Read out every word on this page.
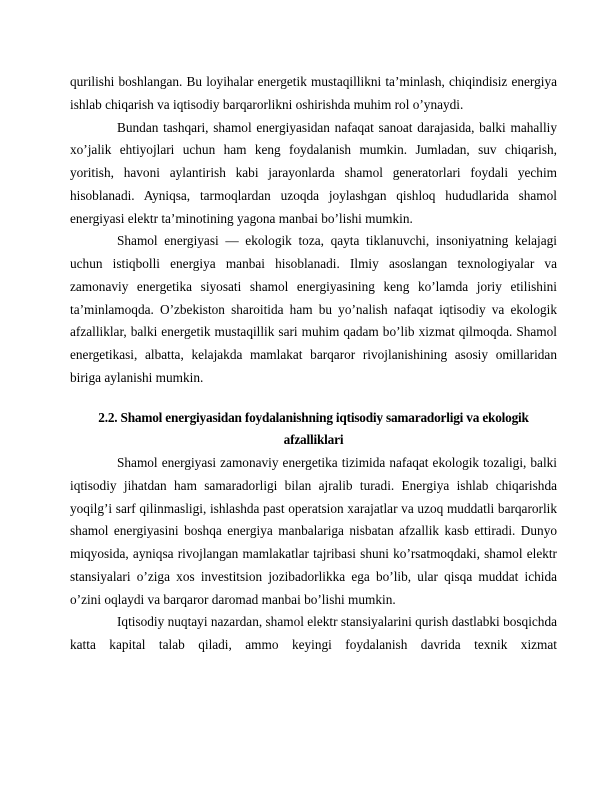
qurilishi boshlangan. Bu loyihalar energetik mustaqillikni ta’minlash, chiqindisiz energiya ishlab chiqarish va iqtisodiy barqarorlikni oshirishda muhim rol o’ynaydi.

Bundan tashqari, shamol energiyasidan nafaqat sanoat darajasida, balki mahalliy xo’jalik ehtiyojlari uchun ham keng foydalanish mumkin. Jumladan, suv chiqarish, yoritish, havoni aylantirish kabi jarayonlarda shamol generatorlari foydali yechim hisoblanadi. Ayniqsa, tarmoqlardan uzoqda joylashgan qishloq hududlarida shamol energiyasi elektr ta’minotining yagona manbai bo’lishi mumkin.

Shamol energiyasi — ekologik toza, qayta tiklanuvchi, insoniyatning kelajagi uchun istiqbolli energiya manbai hisoblanadi. Ilmiy asoslangan texnologiyalar va zamonaviy energetika siyosati shamol energiyasining keng ko’lamda joriy etilishini ta’minlamoqda. O’zbekiston sharoitida ham bu yo’nalish nafaqat iqtisodiy va ekologik afzalliklar, balki energetik mustaqillik sari muhim qadam bo’lib xizmat qilmoqda. Shamol energetikasi, albatta, kelajakda mamlakat barqaror rivojlanishining asosiy omillaridan biriga aylanishi mumkin.

2.2. Shamol energiyasidan foydalanishning iqtisodiy samaradorligi va ekologik afzalliklari

Shamol energiyasi zamonaviy energetika tizimida nafaqat ekologik tozaligi, balki iqtisodiy jihatdan ham samaradorligi bilan ajralib turadi. Energiya ishlab chiqarishda yoqilg’i sarf qilinmasligi, ishlashda past operatsion xarajatlar va uzoq muddatli barqarorlik shamol energiyasini boshqa energiya manbalariga nisbatan afzallik kasb ettiradi. Dunyo miqyosida, ayniqsa rivojlangan mamlakatlar tajribasi shuni ko’rsatmoqdaki, shamol elektr stansiyalari o’ziga xos investitsion jozibadorlikka ega bo’lib, ular qisqa muddat ichida o’zini oqlaydi va barqaror daromad manbai bo’lishi mumkin.

Iqtisodiy nuqtayi nazardan, shamol elektr stansiyalarini qurish dastlabki bosqichda katta kapital talab qiladi, ammo keyingi foydalanish davrida texnik xizmat
